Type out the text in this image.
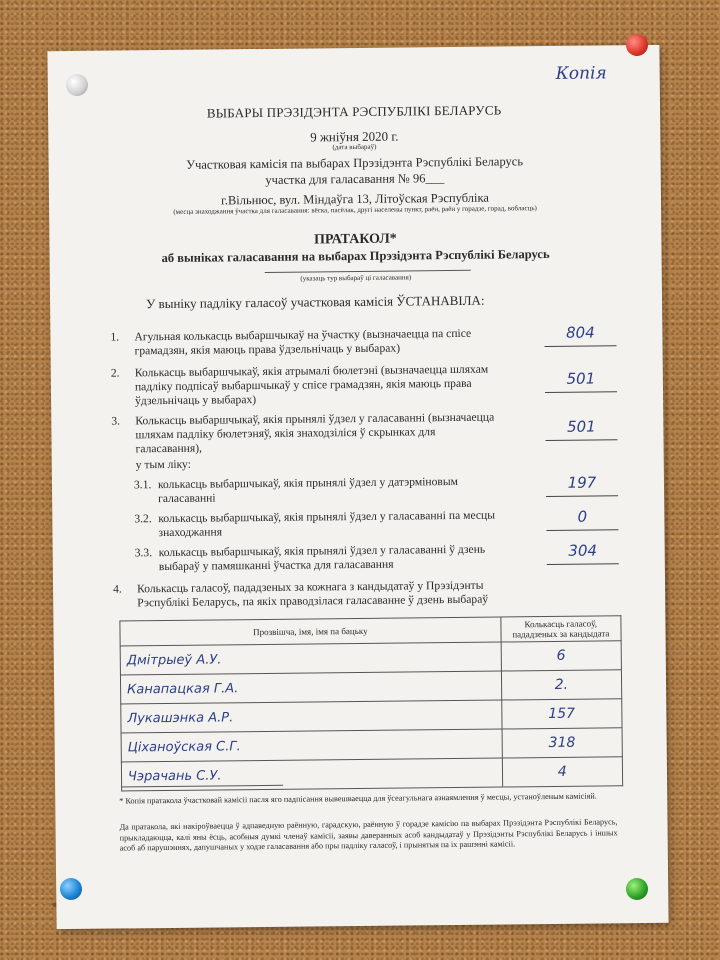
Копія
ВЫБАРЫ ПРЭЗІДЭНТА РЭСПУБЛІКІ БЕЛАРУСЬ
9 жніўня 2020 г.
(дата выбараў)
Участковая камісія па выбарах Прэзідэнта Рэспублікі Беларусь
участка для галасавання № 96___
г.Вільнюс, вул. Міндаўга 13, Літоўская Рэспубліка
(месца знаходжання ўчастка для галасавання: вёска, пасёлак, другі населены пункт, раён, раён у горадзе, горад, вобласць)
ПРАТАКОЛ*
аб выніках галасавання на выбарах Прэзідэнта Рэспублікі Беларусь
(указаць тур выбараў ці галасавання)
У выніку падліку галасоў участковая камісія ЎСТАНАВІЛА:
1. Агульная колькасць выбаршчыкаў на ўчастку (вызначаецца па спісе грамадзян, якія маюць права ўдзельнічаць у выбарах)
804
2. Колькасць выбаршчыкаў, якія атрымалі бюлетэні (вызначаецца шляхам падліку подпісаў выбаршчыкаў у спісе грамадзян, якія маюць права ўдзельнічаць у выбарах)
501
3. Колькасць выбаршчыкаў, якія прынялі ўдзел у галасаванні (вызначаецца шляхам падліку бюлетэняў, якія знаходзіліся ў скрынках для галасавання),
501
у тым ліку:
3.1. колькасць выбаршчыкаў, якія прынялі ўдзел у датэрміновым галасаванні
197
3.2. колькасць выбаршчыкаў, якія прынялі ўдзел у галасаванні па месцы знаходжання
0
3.3. колькасць выбаршчыкаў, якія прынялі ўдзел у галасаванні ў дзень выбараў у памяшканні ўчастка для галасавання
304
4. Колькасць галасоў, пададзеных за кожнага з кандыдатаў у Прэзідэнты Рэспублікі Беларусь, па якіх праводзілася галасаванне ў дзень выбараў
Прозвішча, імя, імя па бацьку	Колькасць галасоў, пададзеных за кандыдата
Дмітрыеў А.У.	6
Канапацкая Г.А.	2.
Лукашэнка А.Р.	157
Ціханоўская С.Г.	318
Чэрачань С.У.	4
* Копія пратакола ўчастковай камісіі пасля яго падпісання вывешваецца для ўсеагульнага азнаямлення ў месцы, устаноўленым камісіяй.
Да пратакола, які накіроўваецца ў адпаведную раённую, гарадскую, раённую ў горадзе камісію па выбарах Прэзідэнта Рэспублікі Беларусь, прыкладаюцца, калі яны ёсць, асобныя думкі членаў камісіі, заявы даверанных асоб кандыдатаў у Прэзідэнты Рэспублікі Беларусь і іншых асоб аб парушэннях, дапушчаных у ходзе галасавання або пры падліку галасоў, і прынятыя па іх рашэнні камісіі.
